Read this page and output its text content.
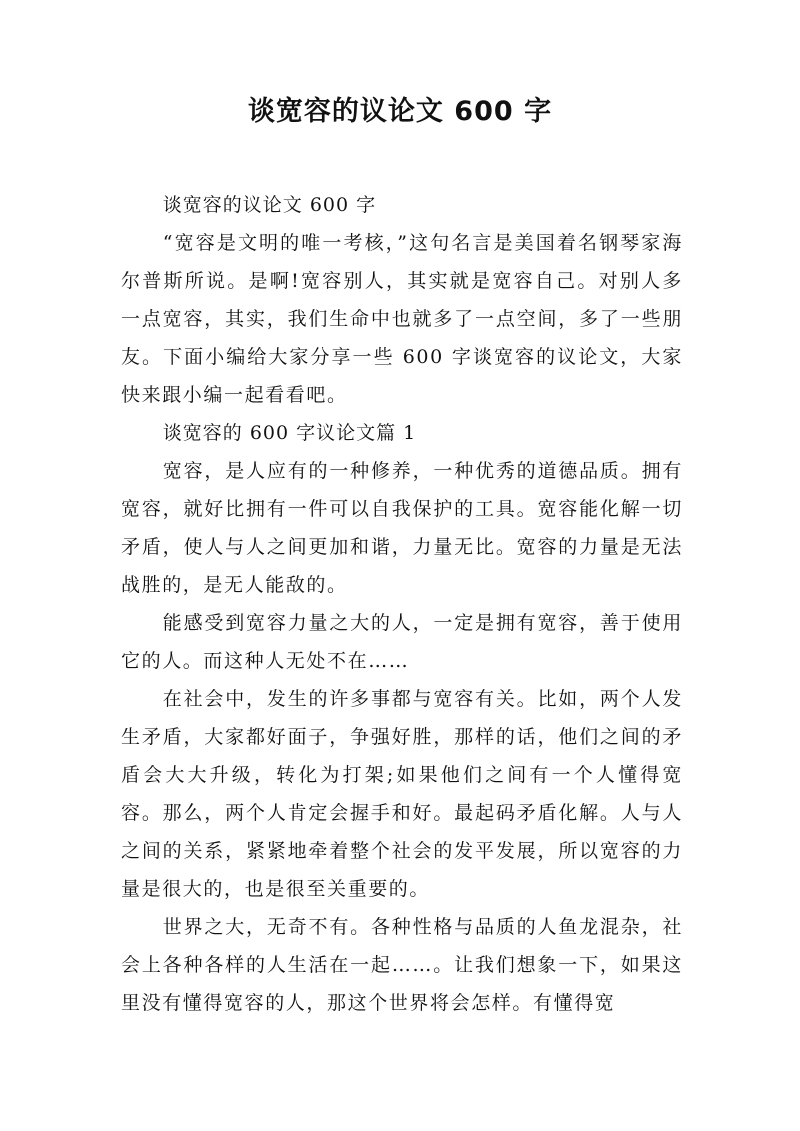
谈宽容的议论文 600 字

谈宽容的议论文 600 字

“宽容是文明的唯一考核，”这句名言是美国着名钢琴家海尔普斯所说。是啊!宽容别人，其实就是宽容自己。对别人多一点宽容，其实，我们生命中也就多了一点空间，多了一些朋友。下面小编给大家分享一些 600 字谈宽容的议论文，大家快来跟小编一起看看吧。

谈宽容的 600 字议论文篇 1

宽容，是人应有的一种修养，一种优秀的道德品质。拥有宽容，就好比拥有一件可以自我保护的工具。宽容能化解一切矛盾，使人与人之间更加和谐，力量无比。宽容的力量是无法战胜的，是无人能敌的。

能感受到宽容力量之大的人，一定是拥有宽容，善于使用它的人。而这种人无处不在……

在社会中，发生的许多事都与宽容有关。比如，两个人发生矛盾，大家都好面子，争强好胜，那样的话，他们之间的矛盾会大大升级，转化为打架;如果他们之间有一个人懂得宽容。那么，两个人肯定会握手和好。最起码矛盾化解。人与人之间的关系，紧紧地牵着整个社会的发平发展，所以宽容的力量是很大的，也是很至关重要的。

世界之大，无奇不有。各种性格与品质的人鱼龙混杂，社会上各种各样的人生活在一起……。让我们想象一下，如果这里没有懂得宽容的人，那这个世界将会怎样。有懂得宽
